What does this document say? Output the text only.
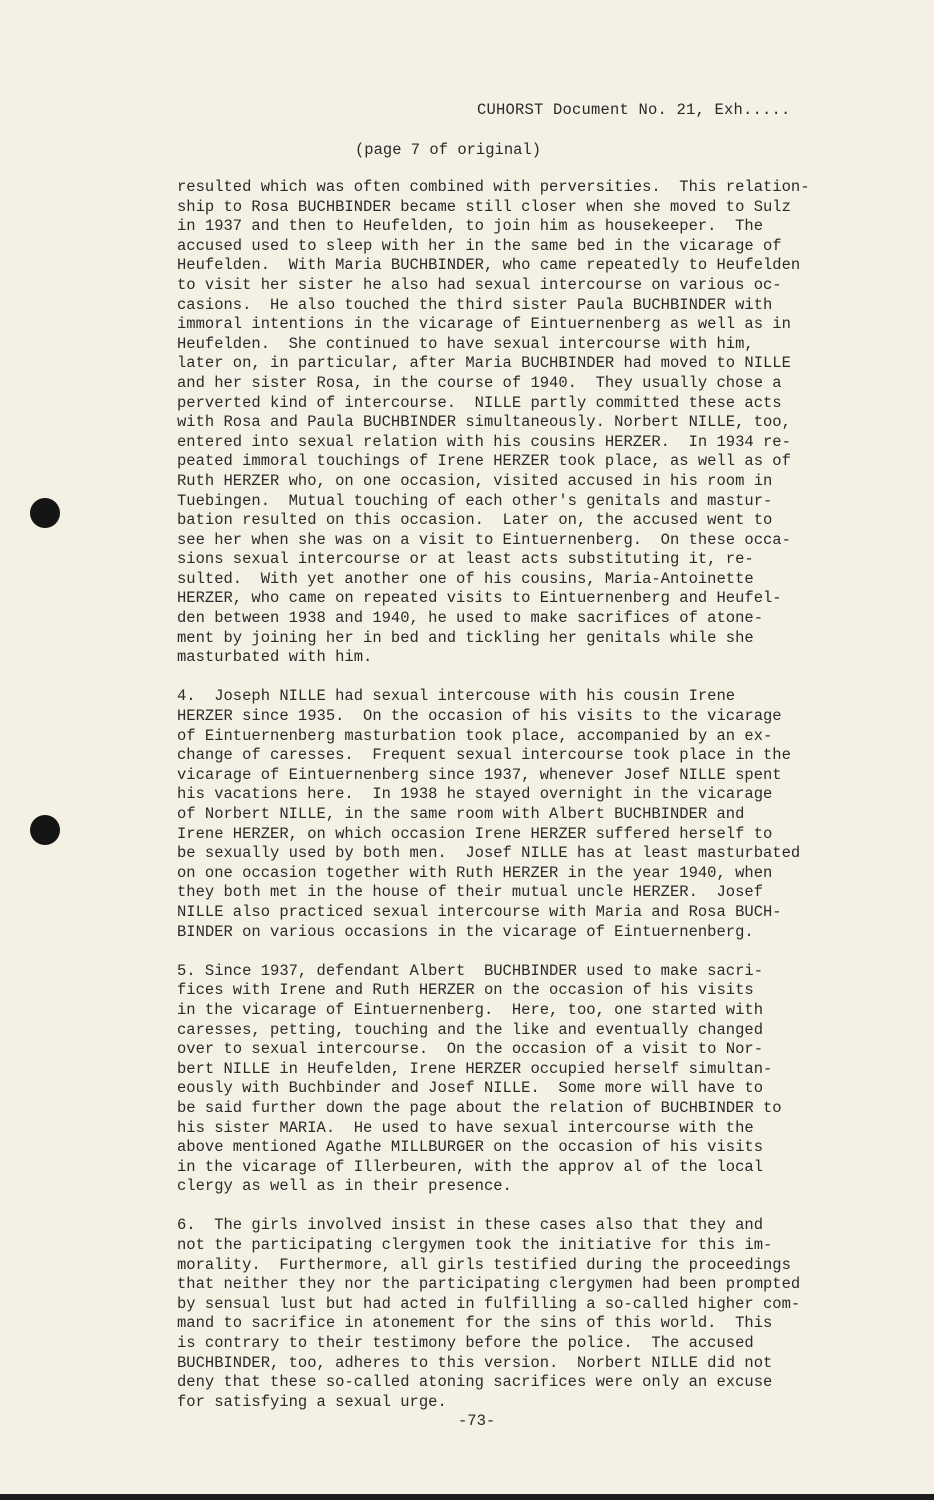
CUHORST Document No. 21, Exh.....
(page 7 of original)
resulted which was often combined with perversities.  This relation-
ship to Rosa BUCHBINDER became still closer when she moved to Sulz
in 1937 and then to Heufelden, to join him as housekeeper.  The
accused used to sleep with her in the same bed in the vicarage of
Heufelden.  With Maria BUCHBINDER, who came repeatedly to Heufelden
to visit her sister he also had sexual intercourse on various oc-
casions.  He also touched the third sister Paula BUCHBINDER with
immoral intentions in the vicarage of Eintuernenberg as well as in
Heufelden.  She continued to have sexual intercourse with him,
later on, in particular, after Maria BUCHBINDER had moved to NILLE
and her sister Rosa, in the course of 1940.  They usually chose a
perverted kind of intercourse.  NILLE partly committed these acts
with Rosa and Paula BUCHBINDER simultaneously. Norbert NILLE, too,
entered into sexual relation with his cousins HERZER.  In 1934 re-
peated immoral touchings of Irene HERZER took place, as well as of
Ruth HERZER who, on one occasion, visited accused in his room in
Tuebingen.  Mutual touching of each other's genitals and mastur-
bation resulted on this occasion.  Later on, the accused went to
see her when she was on a visit to Eintuernenberg.  On these occa-
sions sexual intercourse or at least acts substituting it, re-
sulted.  With yet another one of his cousins, Maria-Antoinette
HERZER, who came on repeated visits to Eintuernenberg and Heufel-
den between 1938 and 1940, he used to make sacrifices of atone-
ment by joining her in bed and tickling her genitals while she
masturbated with him.
4.  Joseph NILLE had sexual intercouse with his cousin Irene
HERZER since 1935.  On the occasion of his visits to the vicarage
of Eintuernenberg masturbation took place, accompanied by an ex-
change of caresses.  Frequent sexual intercourse took place in the
vicarage of Eintuernenberg since 1937, whenever Josef NILLE spent
his vacations here.  In 1938 he stayed overnight in the vicarage
of Norbert NILLE, in the same room with Albert BUCHBINDER and
Irene HERZER, on which occasion Irene HERZER suffered herself to
be sexually used by both men.  Josef NILLE has at least masturbated
on one occasion together with Ruth HERZER in the year 1940, when
they both met in the house of their mutual uncle HERZER.  Josef
NILLE also practiced sexual intercourse with Maria and Rosa BUCH-
BINDER on various occasions in the vicarage of Eintuernenberg.
5. Since 1937, defendant Albert  BUCHBINDER used to make sacri-
fices with Irene and Ruth HERZER on the occasion of his visits
in the vicarage of Eintuernenberg.  Here, too, one started with
caresses, petting, touching and the like and eventually changed
over to sexual intercourse.  On the occasion of a visit to Nor-
bert NILLE in Heufelden, Irene HERZER occupied herself simultan-
eously with Buchbinder and Josef NILLE.  Some more will have to
be said further down the page about the relation of BUCHBINDER to
his sister MARIA.  He used to have sexual intercourse with the
above mentioned Agathe MILLBURGER on the occasion of his visits
in the vicarage of Illerbeuren, with the approv al of the local
clergy as well as in their presence.
6.  The girls involved insist in these cases also that they and
not the participating clergymen took the initiative for this im-
morality.  Furthermore, all girls testified during the proceedings
that neither they nor the participating clergymen had been prompted
by sensual lust but had acted in fulfilling a so-called higher com-
mand to sacrifice in atonement for the sins of this world.  This
is contrary to their testimony before the police.  The accused
BUCHBINDER, too, adheres to this version.  Norbert NILLE did not
deny that these so-called atoning sacrifices were only an excuse
for satisfying a sexual urge.
-73-
